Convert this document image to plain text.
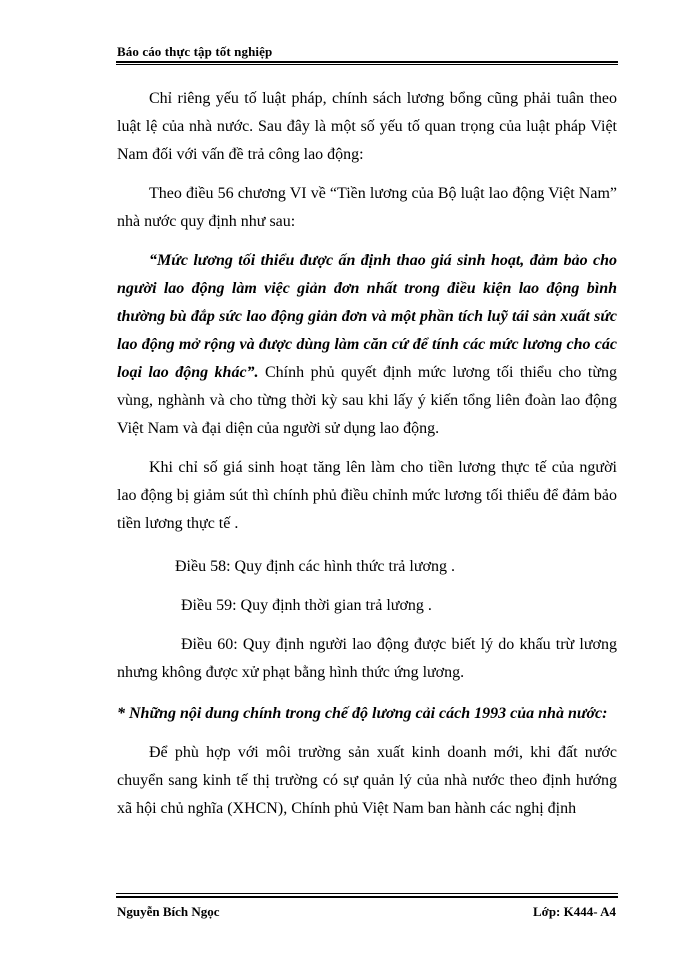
Báo cáo thực tập tốt nghiệp

Chỉ riêng yếu tố luật pháp, chính sách lương bổng cũng phải tuân theo luật lệ của nhà nước. Sau đây là một số yếu tố quan trọng của luật pháp Việt Nam đối với vấn đề trả công lao động:

Theo điều 56 chương VI về “Tiền lương của Bộ luật lao động Việt Nam” nhà nước quy định như sau:

“Mức lương tối thiểu được ấn định thao giá sinh hoạt, đảm bảo cho người lao động làm việc giản đơn nhất trong điều kiện lao động bình thường bù đắp sức lao động giản đơn và một phần tích luỹ tái sản xuất sức lao động mở rộng và được dùng làm căn cứ để tính các mức lương cho các loại lao động khác”. Chính phủ quyết định mức lương tối thiểu cho từng vùng, nghành và cho từng thời kỳ sau khi lấy ý kiến tổng liên đoàn lao động Việt Nam và đại diện của người sử dụng lao động.

Khi chỉ số giá sinh hoạt tăng lên làm cho tiền lương thực tế của người lao động bị giảm sút thì chính phủ điều chỉnh mức lương tối thiểu để đảm bảo tiền lương thực tế .

Điều 58: Quy định các hình thức trả lương .

Điều 59: Quy định thời gian trả lương .

Điều 60: Quy định người lao động được biết lý do khấu trừ lương nhưng không được xử phạt bằng hình thức ứng lương.

* Những nội dung chính trong chế độ lương cải cách 1993 của nhà nước:

Để phù hợp với môi trường sản xuất kinh doanh mới, khi đất nước chuyển sang kinh tế thị trường có sự quản lý của nhà nước theo định hướng xã hội chủ nghĩa (XHCN), Chính phủ Việt Nam ban hành các nghị định

Nguyễn Bích Ngọc	Lớp: K444- A4
